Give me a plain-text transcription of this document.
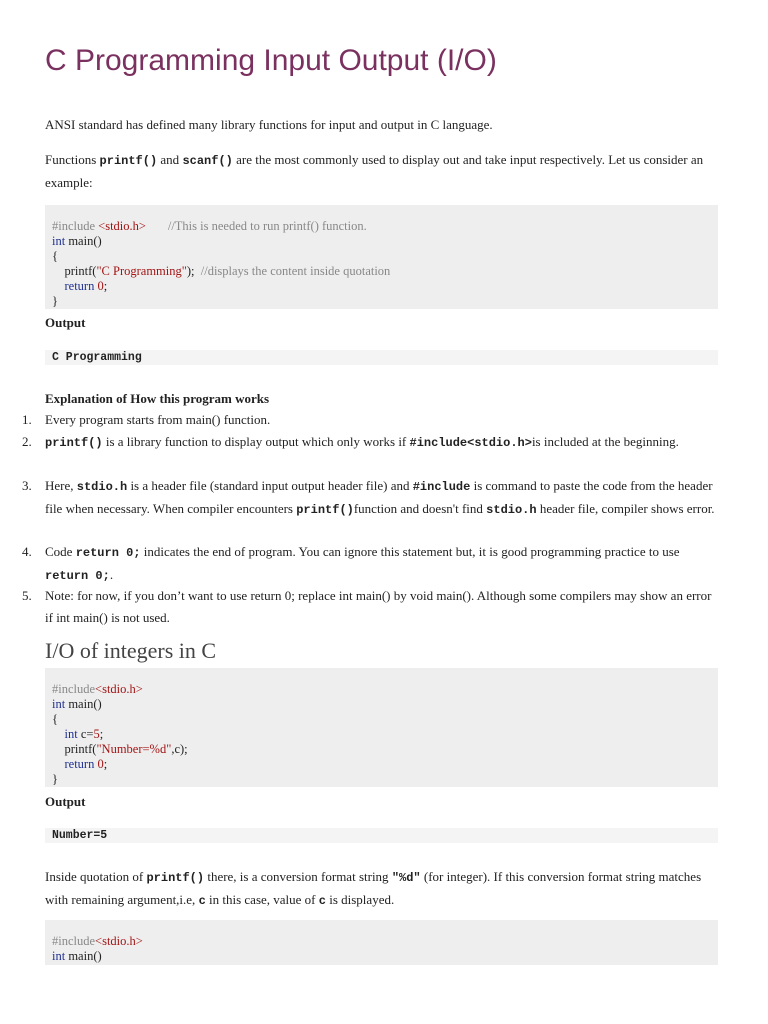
C Programming Input Output (I/O)
ANSI standard has defined many library functions for input and output in C language.
Functions printf() and scanf() are the most commonly used to display out and take input respectively. Let us consider an example:
#include <stdio.h>       //This is needed to run printf() function.
int main()
{
printf("C Programming");  //displays the content inside quotation
return 0;
}
Output
C Programming
Explanation of How this program works
1.	Every program starts from main() function.
2.	printf() is a library function to display output which only works if #include<stdio.h>is included at the beginning.
3.	Here, stdio.h is a header file (standard input output header file) and #include is command to paste the code from the header file when necessary. When compiler encounters printf()function and doesn't find stdio.h header file, compiler shows error.
4.	Code return 0; indicates the end of program. You can ignore this statement but, it is good programming practice to use return 0;.
5.	Note: for now, if you don’t want to use return 0; replace int main() by void main(). Although some compilers may show an error if int main() is not used.
I/O of integers in C
#include<stdio.h>
int main()
{
int c=5;
printf("Number=%d",c);
return 0;
}
Output
Number=5
Inside quotation of printf() there, is a conversion format string "%d" (for integer). If this conversion format string matches with remaining argument,i.e, c in this case, value of c is displayed.
#include<stdio.h>
int main()
